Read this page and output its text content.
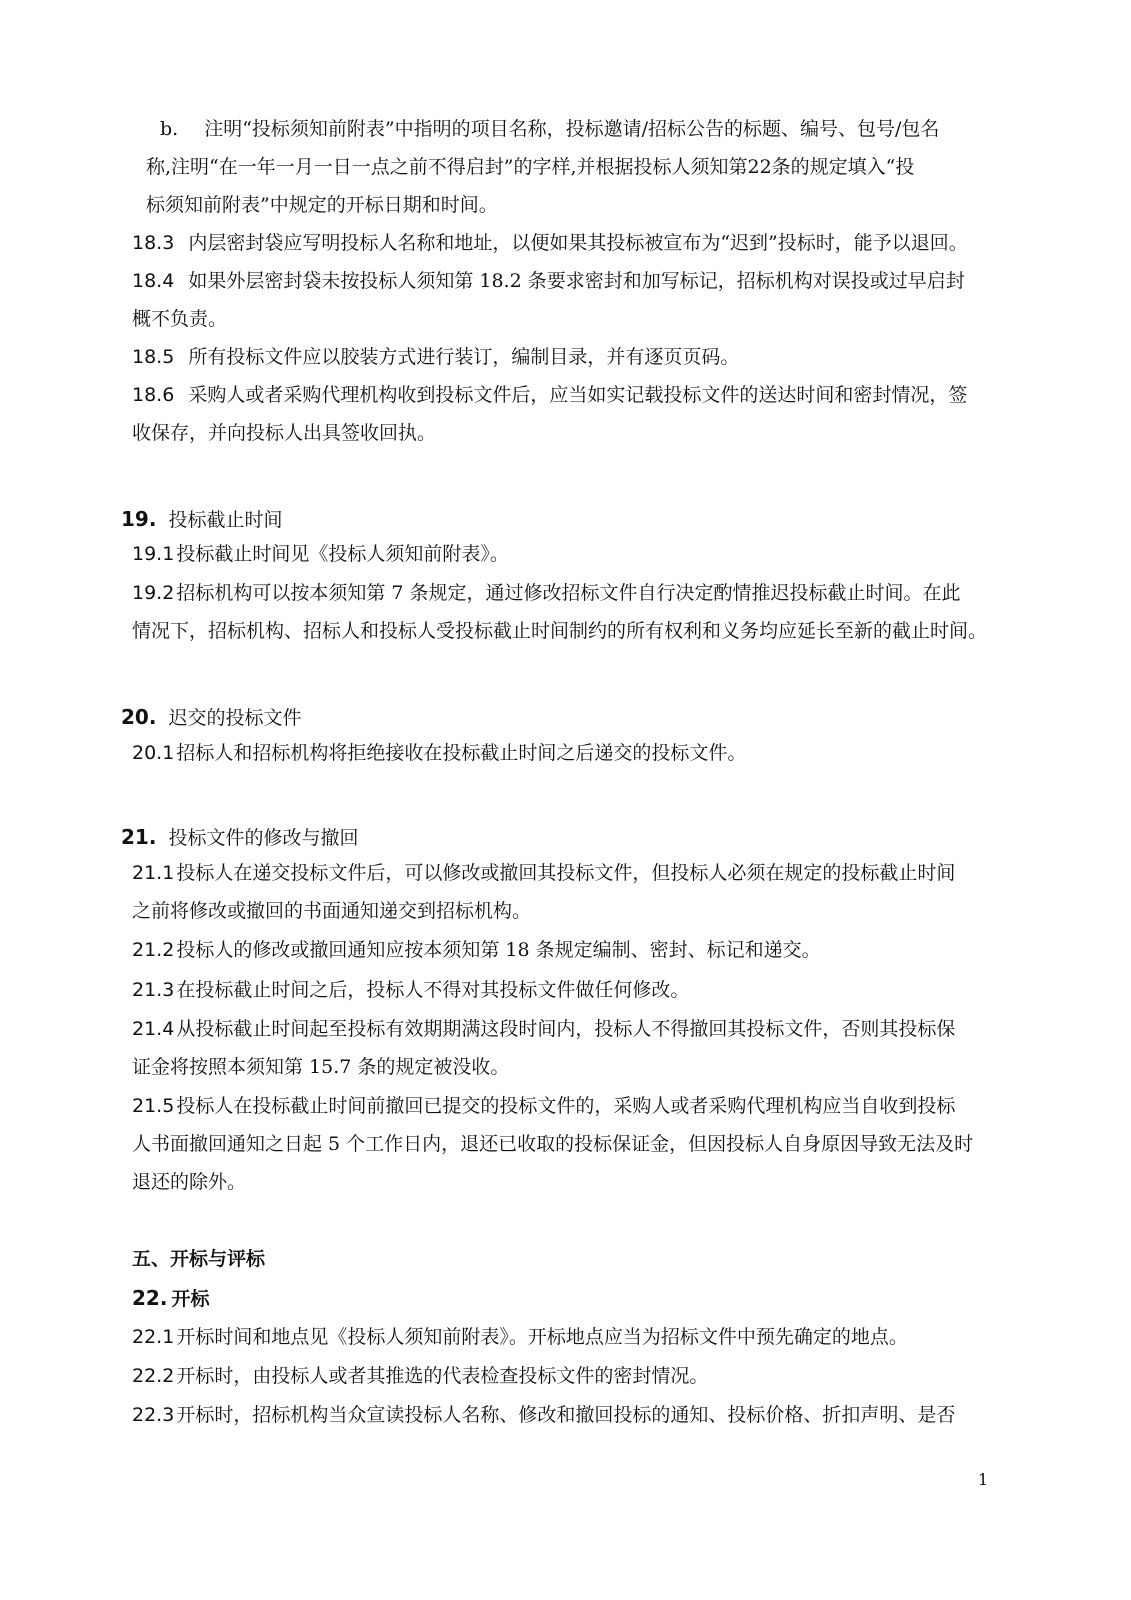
b. 注明“投标须知前附表”中指明的项目名称，投标邀请/招标公告的标题、编号、包号/包名
称,注明“在一年一月一日一点之前不得启封”的字样,并根据投标人须知第22条的规定填入“投
标须知前附表”中规定的开标日期和时间。
18.3 内层密封袋应写明投标人名称和地址，以便如果其投标被宣布为“迟到”投标时，能予以退回。
18.4 如果外层密封袋未按投标人须知第 18.2 条要求密封和加写标记，招标机构对误投或过早启封
概不负责。
18.5 所有投标文件应以胶装方式进行装订，编制目录，并有逐页页码。
18.6 采购人或者采购代理机构收到投标文件后，应当如实记载投标文件的送达时间和密封情况，签
收保存，并向投标人出具签收回执。
19. 投标截止时间
19.1 投标截止时间见《投标人须知前附表》。
19.2 招标机构可以按本须知第 7 条规定，通过修改招标文件自行决定酌情推迟投标截止时间。在此
情况下，招标机构、招标人和投标人受投标截止时间制约的所有权利和义务均应延长至新的截止时间。
20. 迟交的投标文件
20.1 招标人和招标机构将拒绝接收在投标截止时间之后递交的投标文件。
21. 投标文件的修改与撤回
21.1 投标人在递交投标文件后，可以修改或撤回其投标文件，但投标人必须在规定的投标截止时间
之前将修改或撤回的书面通知递交到招标机构。
21.2 投标人的修改或撤回通知应按本须知第 18 条规定编制、密封、标记和递交。
21.3 在投标截止时间之后，投标人不得对其投标文件做任何修改。
21.4 从投标截止时间起至投标有效期期满这段时间内，投标人不得撤回其投标文件，否则其投标保
证金将按照本须知第 15.7 条的规定被没收。
21.5 投标人在投标截止时间前撤回已提交的投标文件的，采购人或者采购代理机构应当自收到投标
人书面撤回通知之日起 5 个工作日内，退还已收取的投标保证金，但因投标人自身原因导致无法及时
退还的除外。
五、开标与评标
22. 开标
22.1 开标时间和地点见《投标人须知前附表》。开标地点应当为招标文件中预先确定的地点。
22.2 开标时，由投标人或者其推选的代表检查投标文件的密封情况。
22.3 开标时，招标机构当众宣读投标人名称、修改和撤回投标的通知、投标价格、折扣声明、是否
1
